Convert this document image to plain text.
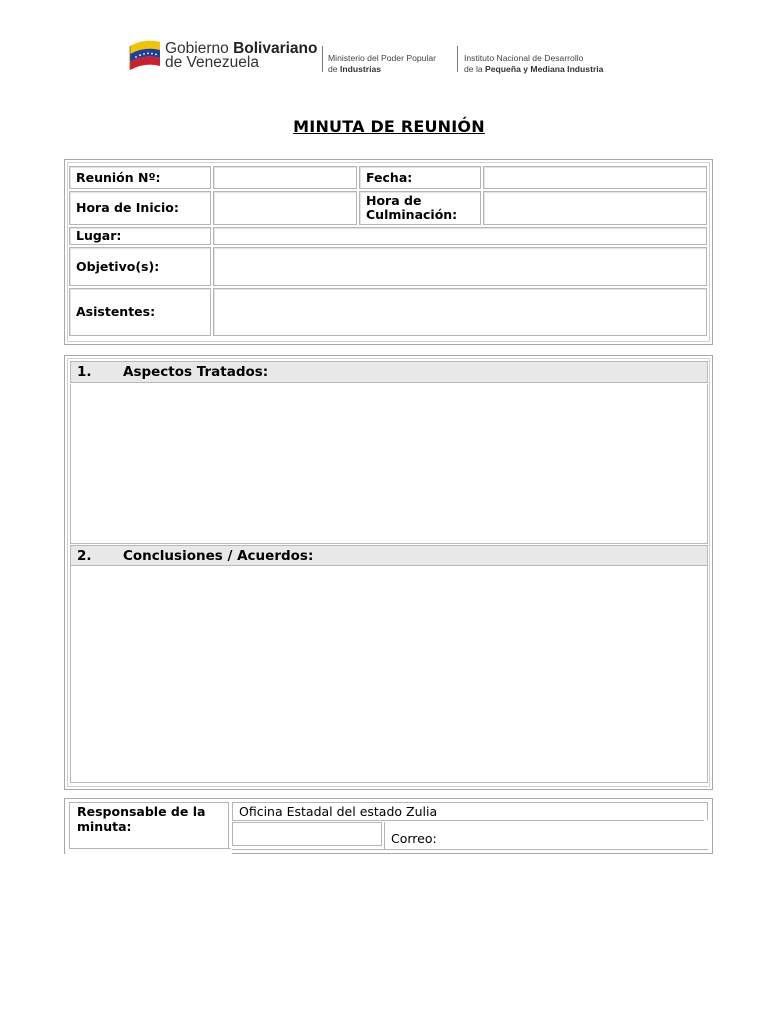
Gobierno Bolivariano
de Venezuela	Ministerio del Poder Popular
de Industrias
Instituto Nacional de Desarrollo
de la Pequeña y Mediana Industria
MINUTA DE REUNIÓN
Reunión Nº:	Fecha:
Hora de Inicio:	Hora de
Culminación:
Lugar:
Objetivo(s):
Asistentes:
1.	Aspectos Tratados:
2.	Conclusiones / Acuerdos:
Responsable de la
minuta:
Oficina Estadal del estado Zulia
Correo:
